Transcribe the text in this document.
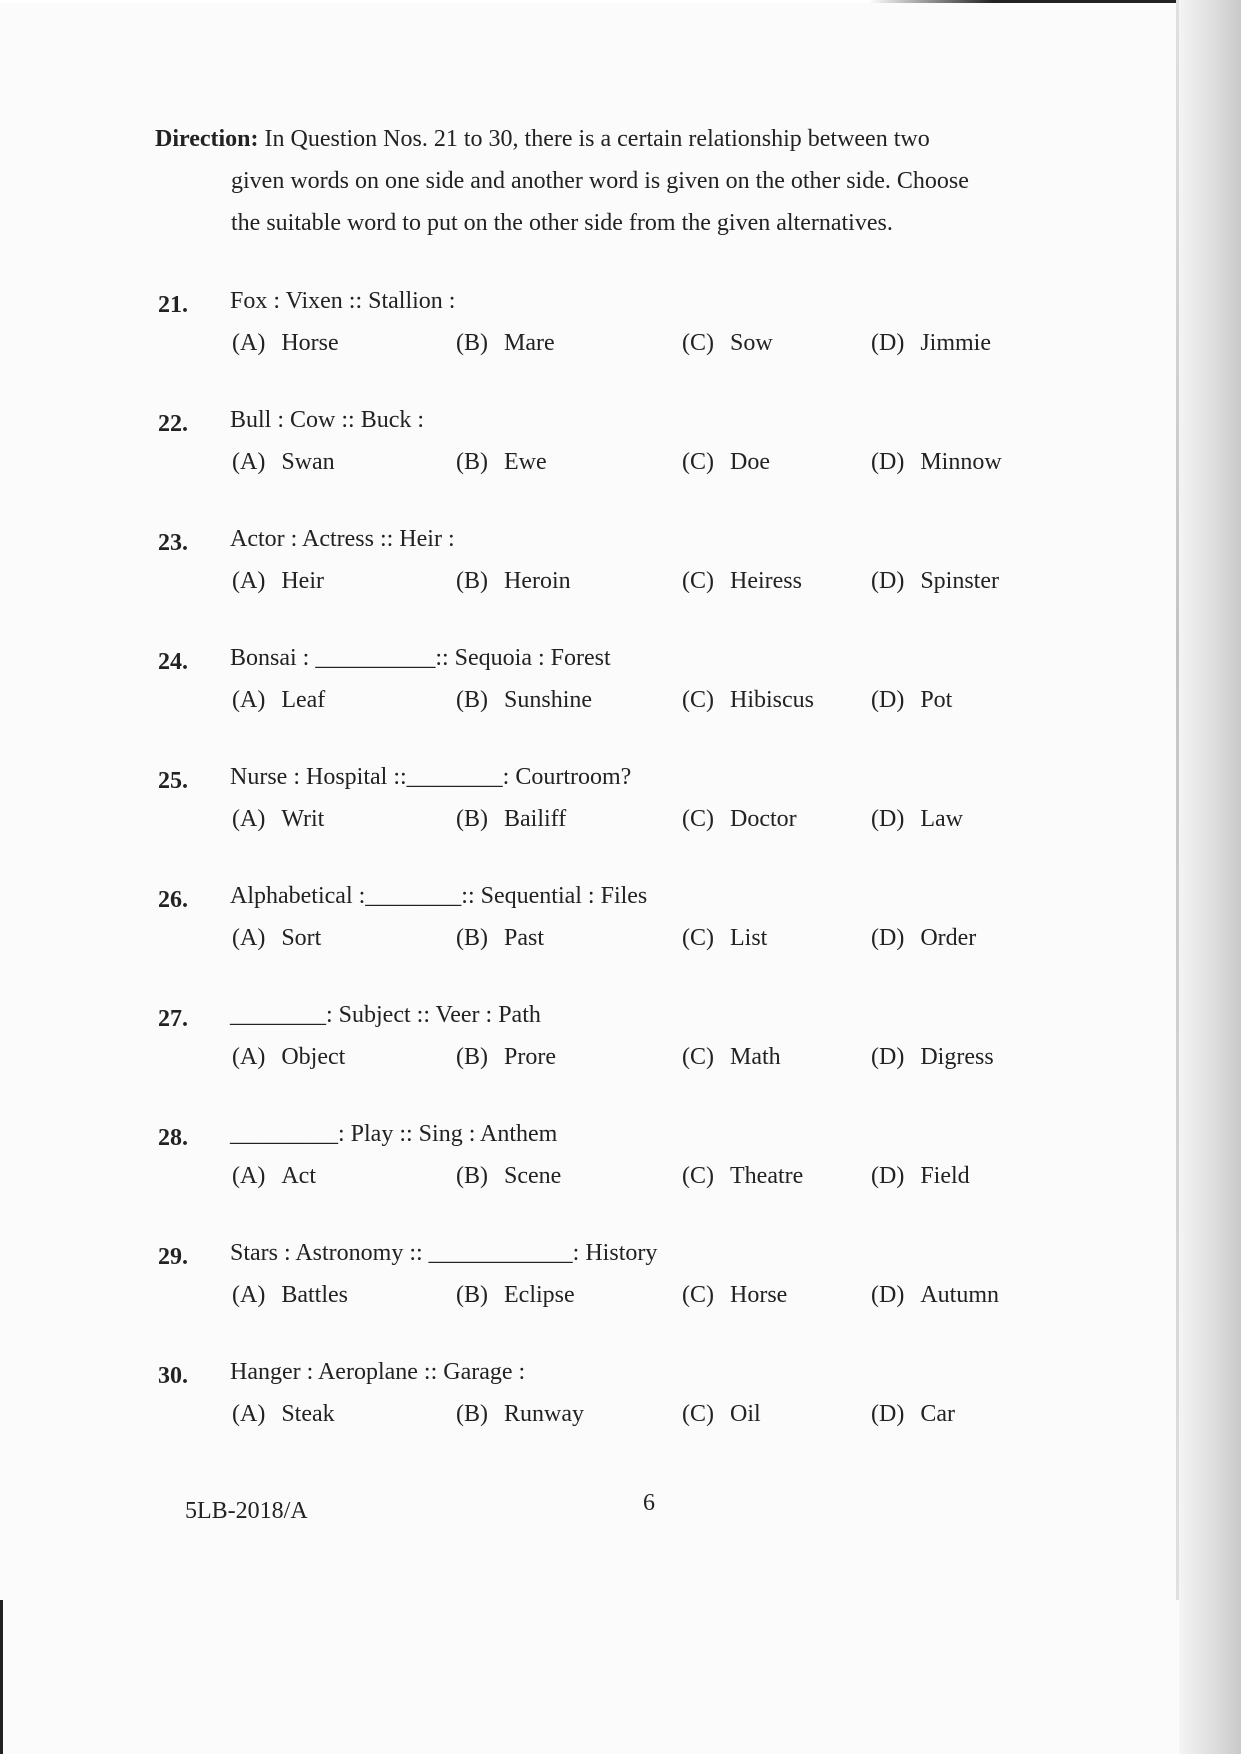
Direction: In Question Nos. 21 to 30, there is a certain relationship between two
given words on one side and another word is given on the other side. Choose
the suitable word to put on the other side from the given alternatives.
21. Fox : Vixen :: Stallion :
(A) Horse	(B) Mare	(C) Sow	(D) Jimmie
22. Bull : Cow :: Buck :
(A) Swan	(B) Ewe	(C) Doe	(D) Minnow
23. Actor : Actress :: Heir :
(A) Heir	(B) Heroin	(C) Heiress	(D) Spinster
24. Bonsai : __________:: Sequoia : Forest
(A) Leaf	(B) Sunshine	(C) Hibiscus (D) Pot
25. Nurse : Hospital ::________: Courtroom?
(A) Writ	(B) Bailiff	(C) Doctor	(D) Law
26. Alphabetical :________:: Sequential : Files
(A) Sort	(B) Past	(C) List	(D) Order
27. ________: Subject :: Veer : Path
(A) Object	(B) Prore	(C) Math	(D) Digress
28. _________: Play :: Sing : Anthem
(A) Act	(B) Scene	(C) Theatre	(D) Field
29. Stars : Astronomy :: ____________: History
(A) Battles	(B) Eclipse	(C) Horse	(D) Autumn
30. Hanger : Aeroplane :: Garage :
(A) Steak	(B) Runway	(C) Oil	(D) Car
5LB-2018/A	6
